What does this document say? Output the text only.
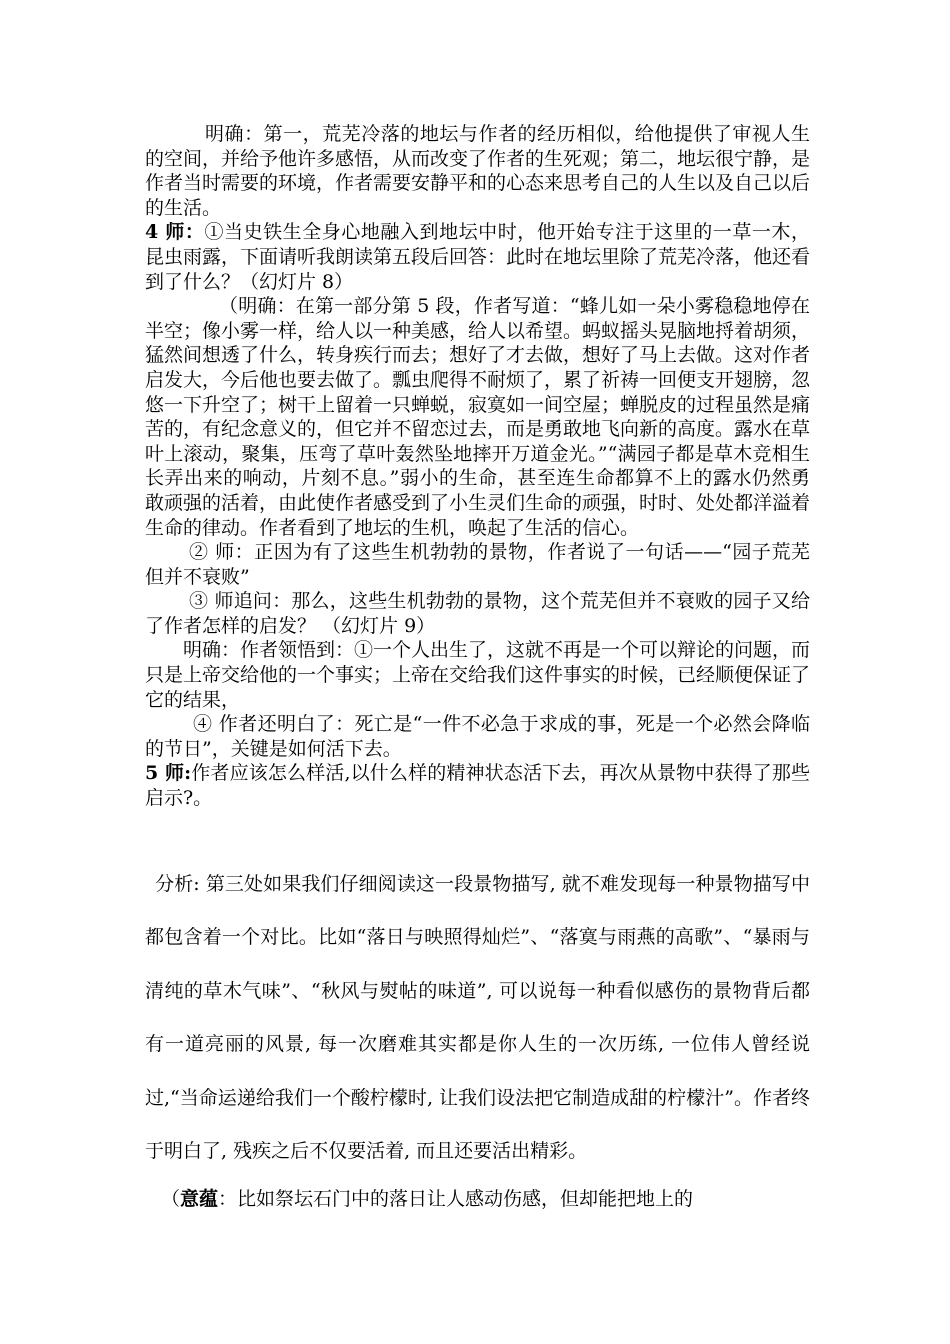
明确：第一，荒芜冷落的地坛与作者的经历相似，给他提供了审视人生的空间，并给予他许多感悟，从而改变了作者的生死观；第二，地坛很宁静，是作者当时需要的环境，作者需要安静平和的心态来思考自己的人生以及自己以后的生活。

4 师：①当史铁生全身心地融入到地坛中时，他开始专注于这里的一草一木，昆虫雨露，下面请听我朗读第五段后回答：此时在地坛里除了荒芜冷落，他还看到了什么？（幻灯片 8）

（明确：在第一部分第 5 段，作者写道：“蜂儿如一朵小雾稳稳地停在半空；像小雾一样，给人以一种美感，给人以希望。蚂蚁摇头晃脑地捋着胡须，猛然间想透了什么，转身疾行而去；想好了才去做，想好了马上去做。这对作者启发大，今后他也要去做了。瓢虫爬得不耐烦了，累了祈祷一回便支开翅膀，忽悠一下升空了；树干上留着一只蝉蜕，寂寞如一间空屋；蝉脱皮的过程虽然是痛苦的，有纪念意义的，但它并不留恋过去，而是勇敢地飞向新的高度。露水在草叶上滚动，聚集，压弯了草叶轰然坠地摔开万道金光。”“满园子都是草木竞相生长弄出来的响动，片刻不息。”弱小的生命，甚至连生命都算不上的露水仍然勇敢顽强的活着，由此使作者感受到了小生灵们生命的顽强，时时、处处都洋溢着生命的律动。作者看到了地坛的生机，唤起了生活的信心。

② 师：正因为有了这些生机勃勃的景物，作者说了一句话——“园子荒芜但并不衰败”

③ 师追问：那么，这些生机勃勃的景物，这个荒芜但并不衰败的园子又给了作者怎样的启发？ （幻灯片 9）

明确：作者领悟到：①一个人出生了，这就不再是一个可以辩论的问题，而只是上帝交给他的一个事实；上帝在交给我们这件事实的时候，已经顺便保证了它的结果，

④ 作者还明白了：死亡是“一件不必急于求成的事，死是一个必然会降临的节日”，关键是如何活下去。

5 师:作者应该怎么样活,以什么样的精神状态活下去，再次从景物中获得了那些启示?。

分析: 第三处如果我们仔细阅读这一段景物描写, 就不难发现每一种景物描写中都包含着一个对比。比如“落日与映照得灿烂”、“落寞与雨燕的高歌”、“暴雨与清纯的草木气味”、“秋风与熨帖的味道”, 可以说每一种看似感伤的景物背后都有一道亮丽的风景, 每一次磨难其实都是你人生的一次历练, 一位伟人曾经说过,“当命运递给我们一个酸柠檬时, 让我们设法把它制造成甜的柠檬汁”。作者终于明白了, 残疾之后不仅要活着, 而且还要活出精彩。

（意蕴：比如祭坛石门中的落日让人感动伤感，但却能把地上的
